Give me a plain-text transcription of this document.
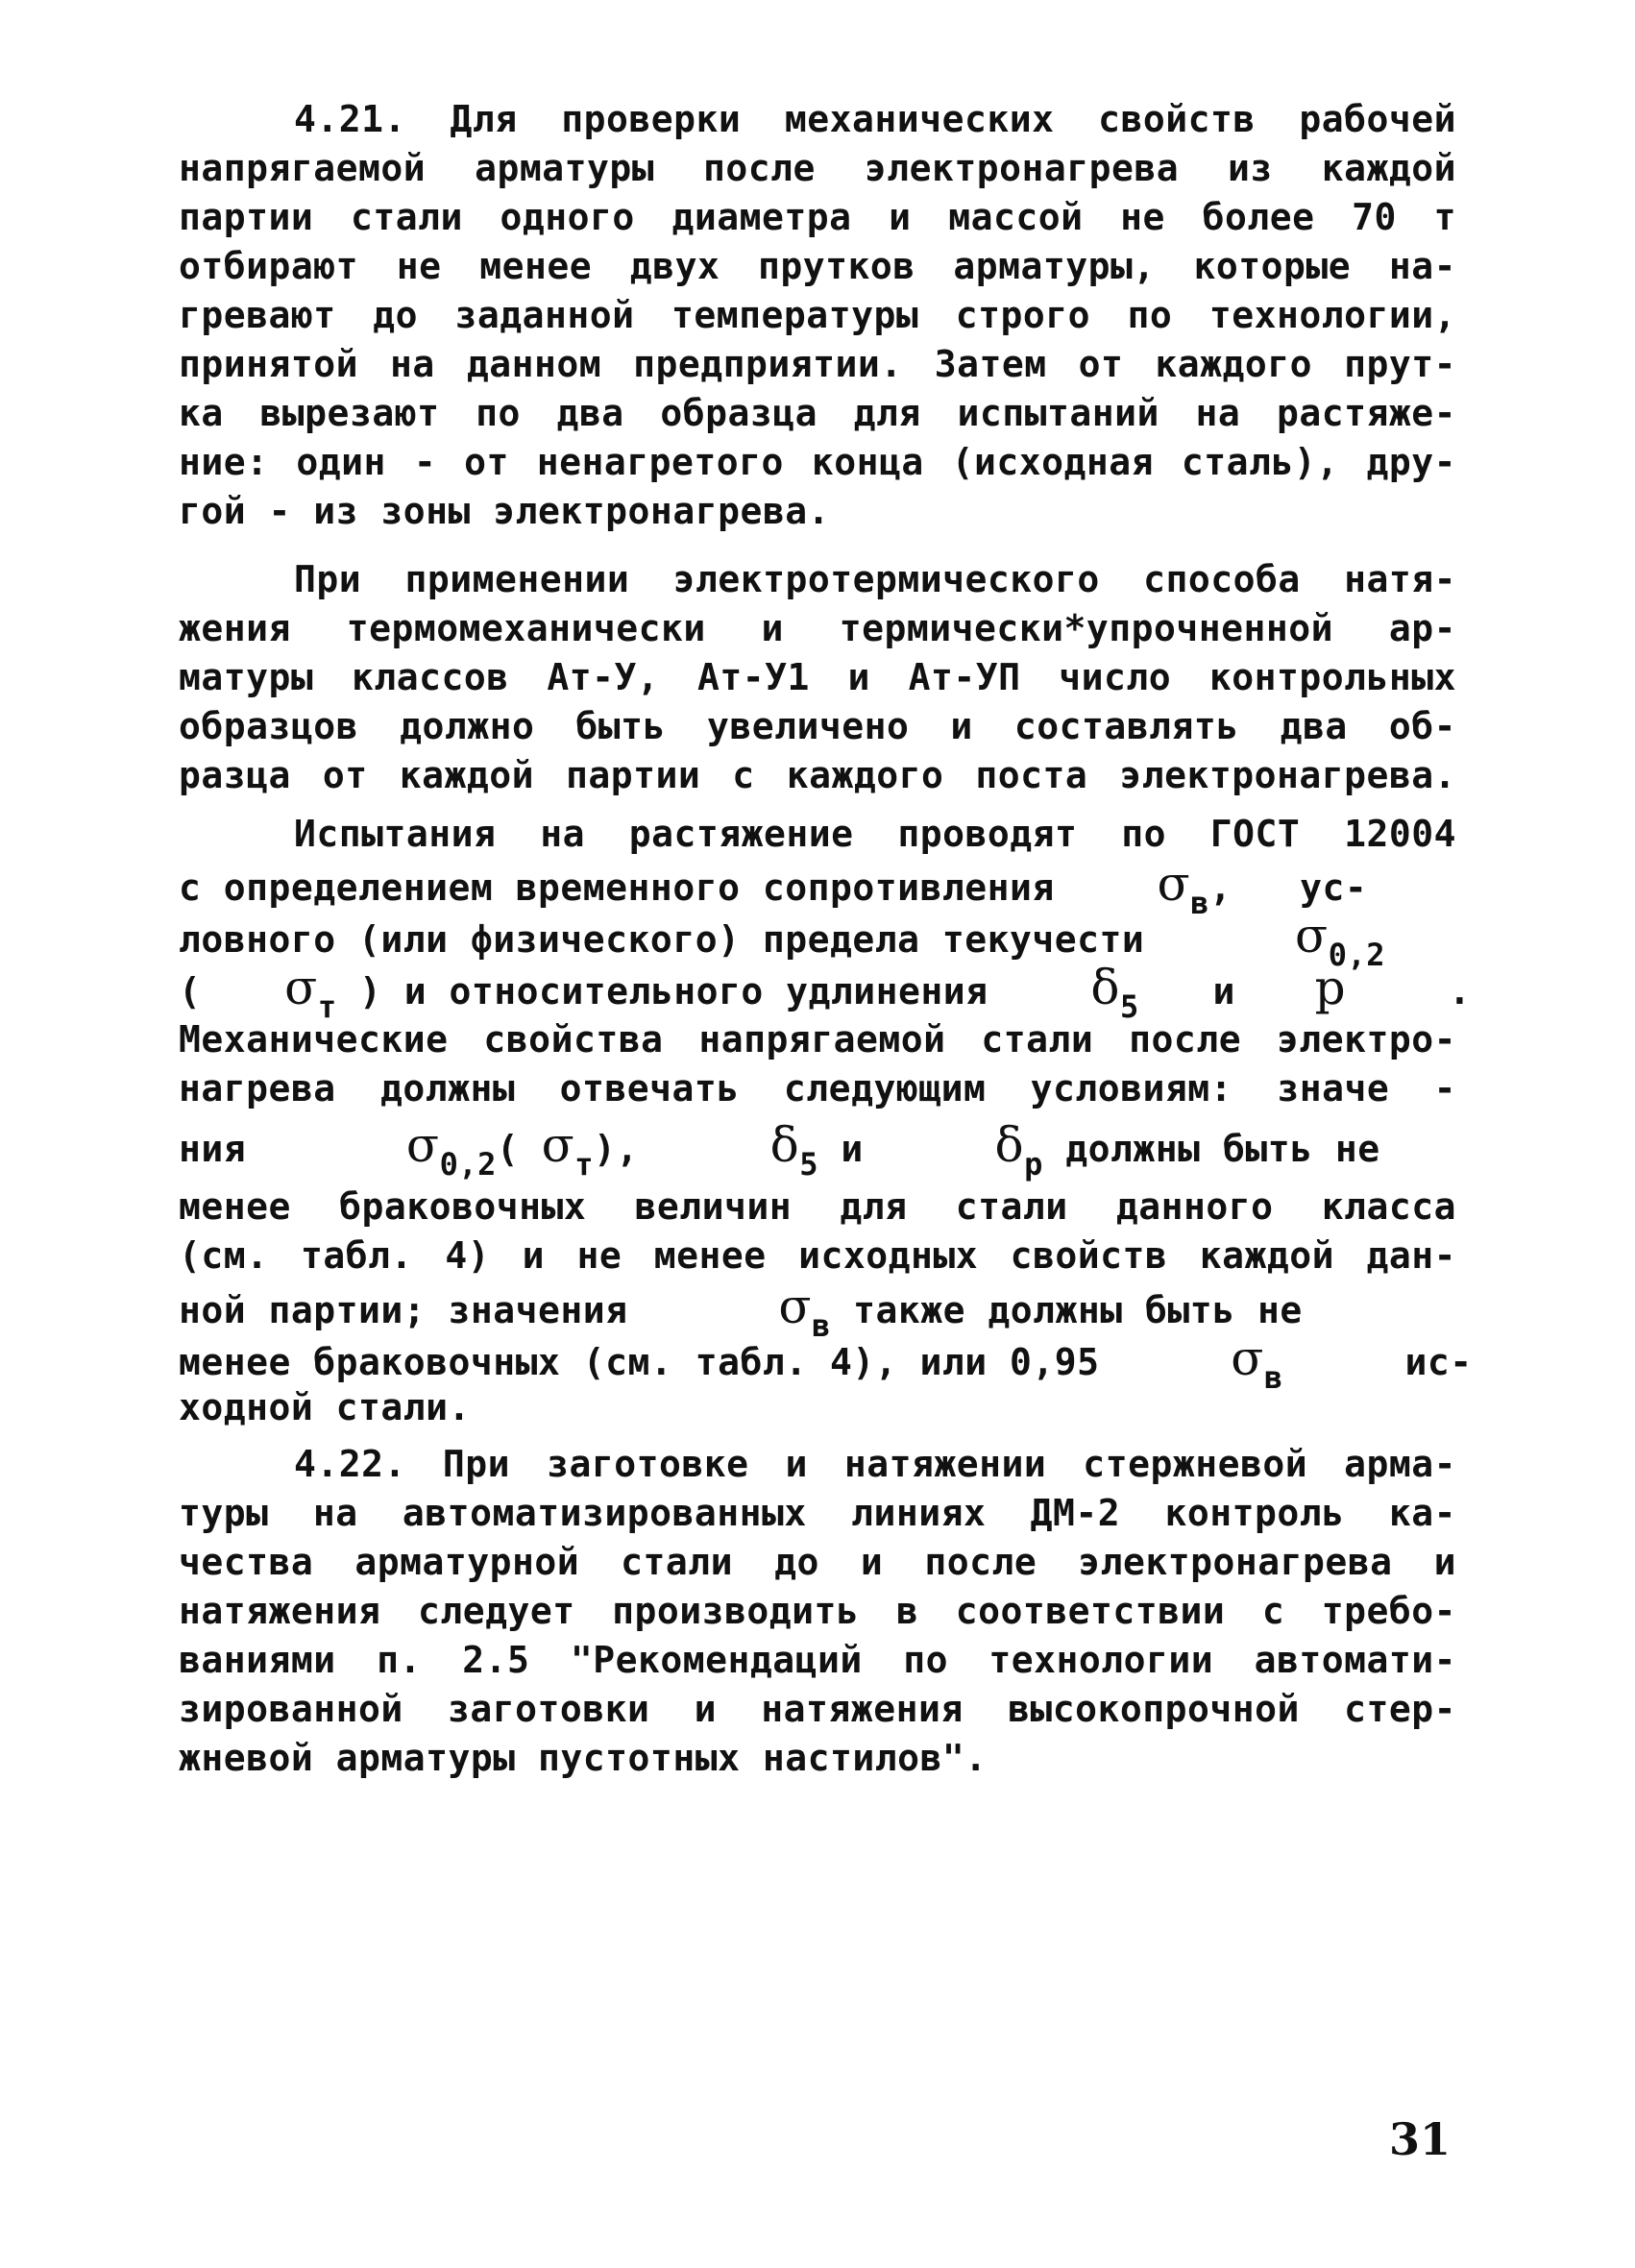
4.21. Для проверки механических свойств рабочей
напрягаемой арматуры после электронагрева из каждой
партии стали одного диаметра и массой не более 70 т
отбирают не менее двух прутков арматуры, которые на-
гревают до заданной температуры строго по технологии,
принятой на данном предприятии. Затем от каждого прут-
ка вырезают по два образца для испытаний на растяже-
ние: один - от ненагретого конца (исходная сталь), дру-
гой - из зоны электронагрева.
При применении электротермического способа натя-
жения термомеханически и термически*упрочненной ар-
матуры классов Ат-У, Ат-У1 и Ат-УП число контрольных
образцов должно быть увеличено и составлять два об-
разца от каждой партии с каждого поста электронагрева.
Испытания на растяжение проводят по ГОСТ 12004
с определением временного сопротивления $\sigma_в$, ус-
ловного (или физического) предела текучести	$\sigma_{0,2}$
( $\sigma_т$ ) и относительного удлинения $\delta_5$ и р	.
Механические свойства напрягаемой стали после электро-
нагрева должны отвечать следующим условиям: значе -
ния	$\sigma_{0,2}$( $\sigma_т$),	$\delta_5$ и	$\delta_р$ должны быть не
менее браковочных величин для стали данного класса
(см. табл. 4) и не менее исходных свойств каждой дан-
ной партии; значения	$\sigma_в$ также должны быть не
менее браковочных (см. табл. 4), или 0,95	$\sigma_в$	ис-
ходной стали.
4.22. При заготовке и натяжении стержневой арма-
туры на автоматизированных линиях ДМ-2 контроль ка-
чества арматурной стали до и после электронагрева и
натяжения следует производить в соответствии с требо-
ваниями п. 2.5 "Рекомендаций по технологии автомати-
зированной заготовки и натяжения высокопрочной стер-
жневой арматуры пустотных настилов".
31
